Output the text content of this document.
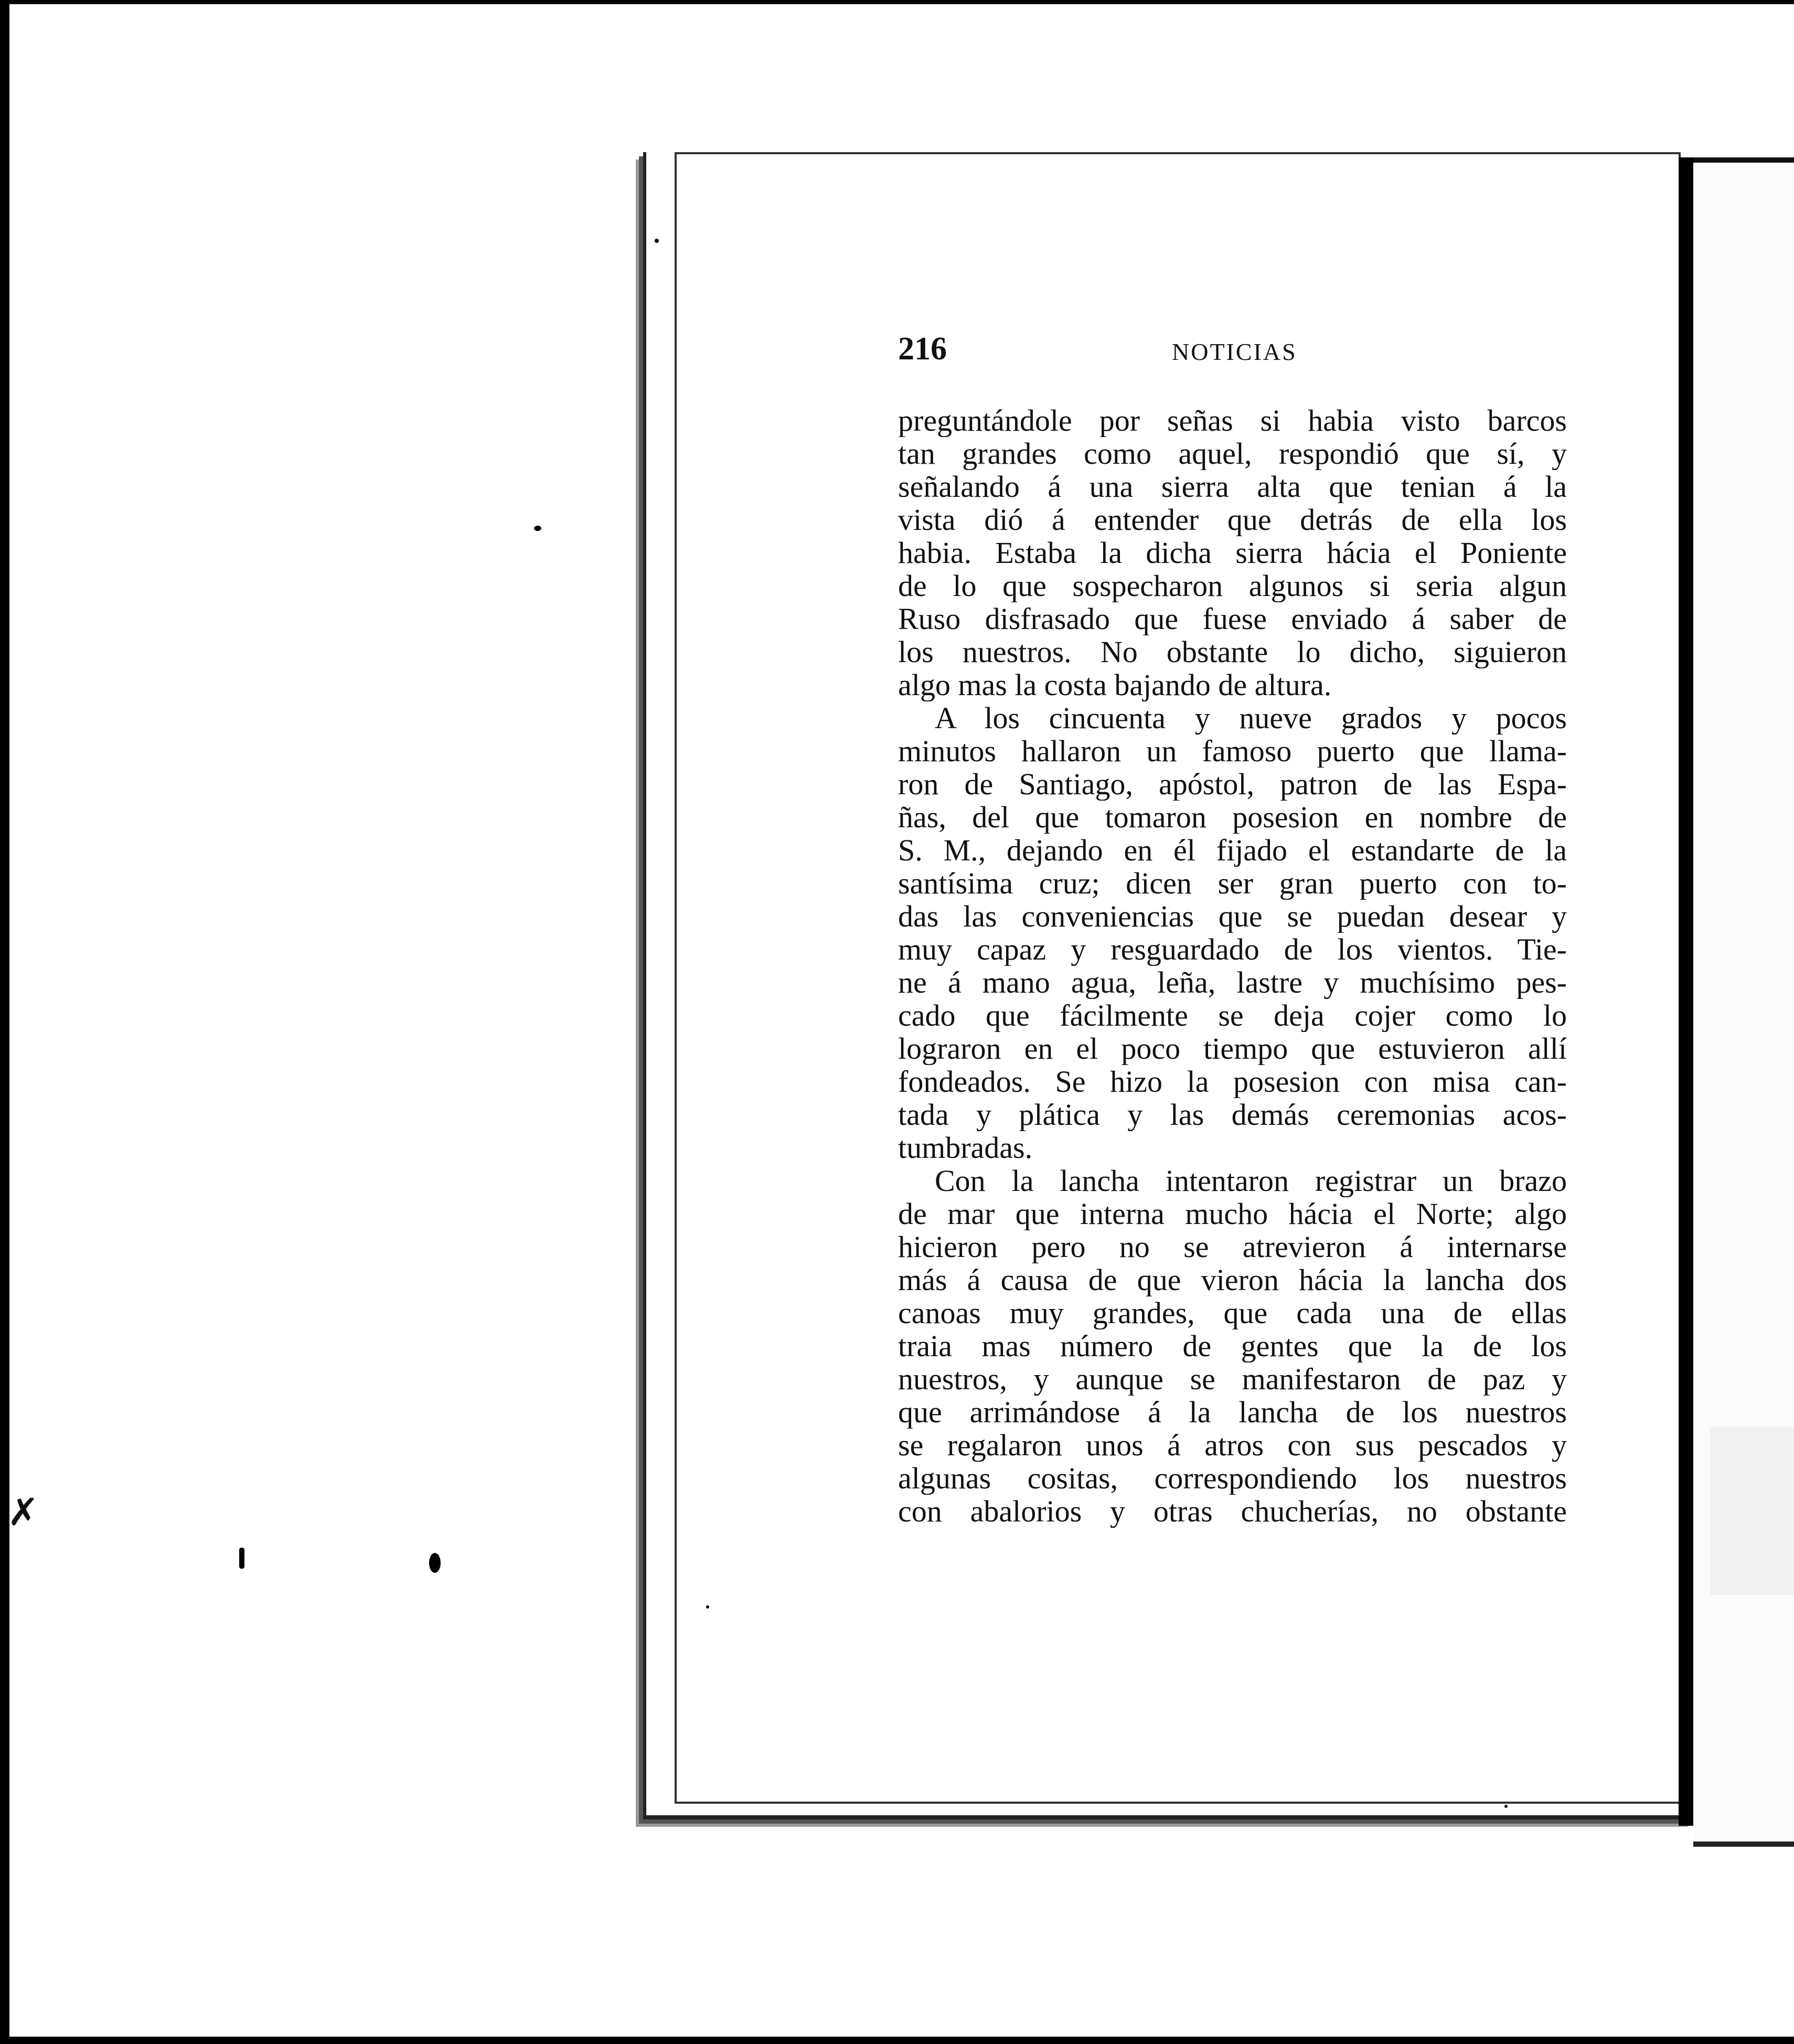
216	NOTICIAS
preguntándole por señas si habia visto barcos
tan grandes como aquel, respondió que sí, y
señalando á una sierra alta que tenian á la
vista dió á entender que detrás de ella los
habia. Estaba la dicha sierra hácia el Poniente
de lo que sospecharon algunos si seria algun
Ruso disfrasado que fuese enviado á saber de
los nuestros. No obstante lo dicho, siguieron
algo mas la costa bajando de altura.
A los cincuenta y nueve grados y pocos
minutos hallaron un famoso puerto que llama-
ron de Santiago, apóstol, patron de las Espa-
ñas, del que tomaron posesion en nombre de
S. M., dejando en él fijado el estandarte de la
santísima cruz; dicen ser gran puerto con to-
das las conveniencias que se puedan desear y
muy capaz y resguardado de los vientos. Tie-
ne á mano agua, leña, lastre y muchísimo pes-
cado que fácilmente se deja cojer como lo
lograron en el poco tiempo que estuvieron allí
fondeados. Se hizo la posesion con misa can-
tada y plática y las demás ceremonias acos-
tumbradas.
Con la lancha intentaron registrar un brazo
de mar que interna mucho hácia el Norte; algo
hicieron pero no se atrevieron á internarse
más á causa de que vieron hácia la lancha dos
canoas muy grandes, que cada una de ellas
traia mas número de gentes que la de los
nuestros, y aunque se manifestaron de paz y
que arrimándose á la lancha de los nuestros
se regalaron unos á atros con sus pescados y
algunas cositas, correspondiendo los nuestros
con abalorios y otras chucherías, no obstante
✗
